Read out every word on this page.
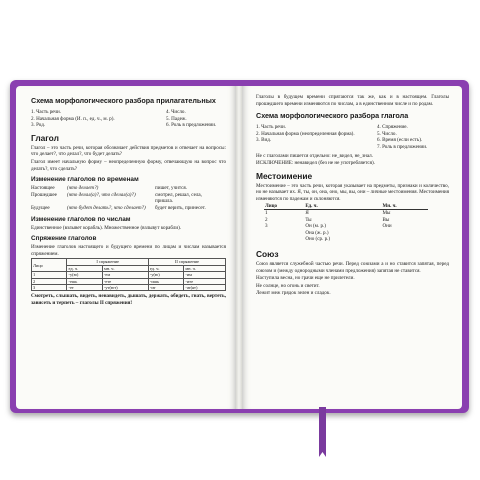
Схема морфологического разбора прилагательных
1. Часть речи.
2. Начальная форма (И. п., ед. ч., м. р).
3. Род.
4. Число.
5. Падеж.
6. Роль в предложении.
Глагол

Глагол – это часть речи, которая обозначает действия предметов и отвечает на вопросы: что делает?, что делал?, что будет делать?

Глагол имеет начальную форму – неопределенную форму, отвечающую на вопрос что делать?, что сделать?

Изменение глаголов по временам
Настоящее	(что делает?)	пишет, учится.
Прошедшее	(что делал(а)?, что сделал(а)?)	смотрел, решал, села,
пришла.
Будущее	(что будет делать?, что сделает?)	будет верить, принесет.
Изменение глаголов по числам

Единственное (взлывет корабль). Множественное (взлывут корабли).

Спряжение глаголов

Изменение глаголов настоящего и будущего времени по лицам и числам называется спряжением.

Лицо	I спряжение		II спряжение	
	ед. ч.	мн. ч.	ед. ч.	мн. ч.
1	-у(ю)	-ем	-у(ю)	-им
2	-ешь	-ете	-ишь	-ите
3	-ет	-ут(ют)	-ит	-ат(ят)

Смотреть, слышать, видеть, ненавидеть, дышать, держать, обидеть, гнать, вертеть, зависеть и терпеть – глаголы II спряжения!

Глаголы в будущем времени спрягаются так же, как и в настоящем. Глаголы прошедшего времени изменяются по числам, а в единственном числе и по родам.

Схема морфологического разбора глагола
1. Часть речи.
2. Начальная форма (неопределенная форма).
3. Вид.
4. Спряжение.
5. Число.
6. Время (если есть).
7. Роль в предложении.

Не с глаголами пишется отдельно: не_видел, не_знал.

ИСКЛЮЧЕНИЕ: ненавидел (без не не употребляется).

Местоимение

Местоимение – это часть речи, которая указывает на предметы, признаки и количество, но не называет их. Я, ты, он, она, оно, мы, вы, они – личные местоимения. Местоимения изменяются по падежам и склоняются.

Лицо	Ед. ч.	Мн. ч.
1	Я	Мы
2	Ты	Вы
3	Он (м. р.)	Они
	Она (ж. р.)	
	Оно (ср. р.)	
Союз

Союз является служебной частью речи. Перед союзами а и но ставится запятая, перед союзом и (между однородными членами предложения) запятая не ставится.

Наступила весна, но грачи еще не прилетели.

Не солнце, но огонь и светит.

Лежит меж грядок зелен и сладок.
